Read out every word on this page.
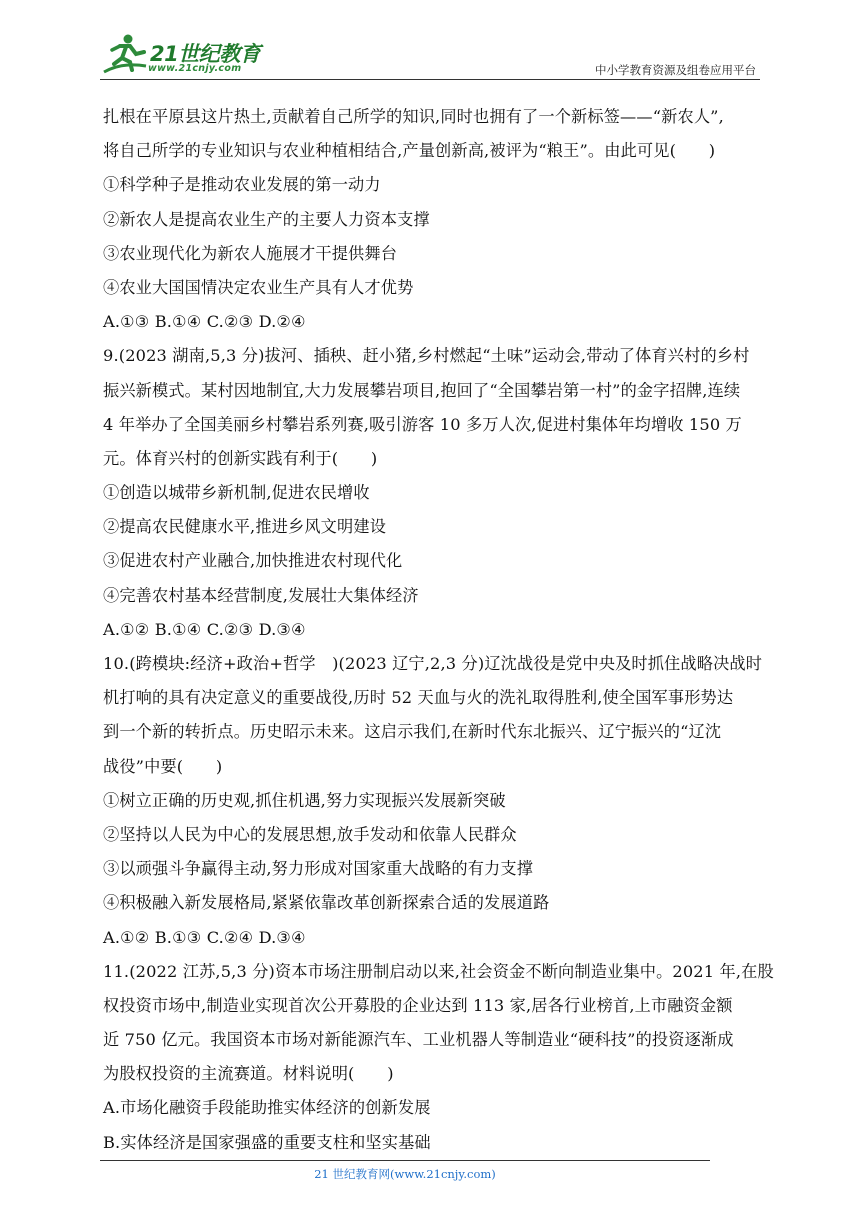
21世纪教育
www.21cnjy.com	中小学教育资源及组卷应用平台
扎根在平原县这片热土,贡献着自己所学的知识,同时也拥有了一个新标签——“新农人”,
将自己所学的专业知识与农业种植相结合,产量创新高,被评为“粮王”。由此可见(　　)
①科学种子是推动农业发展的第一动力
②新农人是提高农业生产的主要人力资本支撑
③农业现代化为新农人施展才干提供舞台
④农业大国国情决定农业生产具有人才优势
A.①③ B.①④ C.②③ D.②④
9.(2023 湖南,5,3 分)拔河、插秧、赶小猪,乡村燃起“土味”运动会,带动了体育兴村的乡村
振兴新模式。某村因地制宜,大力发展攀岩项目,抱回了“全国攀岩第一村”的金字招牌,连续
4 年举办了全国美丽乡村攀岩系列赛,吸引游客 10 多万人次,促进村集体年均增收 150 万
元。体育兴村的创新实践有利于(　　)
①创造以城带乡新机制,促进农民增收
②提高农民健康水平,推进乡风文明建设
③促进农村产业融合,加快推进农村现代化
④完善农村基本经营制度,发展壮大集体经济
A.①② B.①④ C.②③ D.③④
10.(跨模块:经济+政治+哲学　)(2023 辽宁,2,3 分)辽沈战役是党中央及时抓住战略决战时
机打响的具有决定意义的重要战役,历时 52 天血与火的洗礼取得胜利,使全国军事形势达
到一个新的转折点。历史昭示未来。这启示我们,在新时代东北振兴、辽宁振兴的“辽沈
战役”中要(　　)
①树立正确的历史观,抓住机遇,努力实现振兴发展新突破
②坚持以人民为中心的发展思想,放手发动和依靠人民群众
③以顽强斗争赢得主动,努力形成对国家重大战略的有力支撑
④积极融入新发展格局,紧紧依靠改革创新探索合适的发展道路
A.①② B.①③ C.②④ D.③④
11.(2022 江苏,5,3 分)资本市场注册制启动以来,社会资金不断向制造业集中。2021 年,在股
权投资市场中,制造业实现首次公开募股的企业达到 113 家,居各行业榜首,上市融资金额
近 750 亿元。我国资本市场对新能源汽车、工业机器人等制造业“硬科技”的投资逐渐成
为股权投资的主流赛道。材料说明(　　)
A.市场化融资手段能助推实体经济的创新发展
B.实体经济是国家强盛的重要支柱和坚实基础
21 世纪教育网(www.21cnjy.com)
